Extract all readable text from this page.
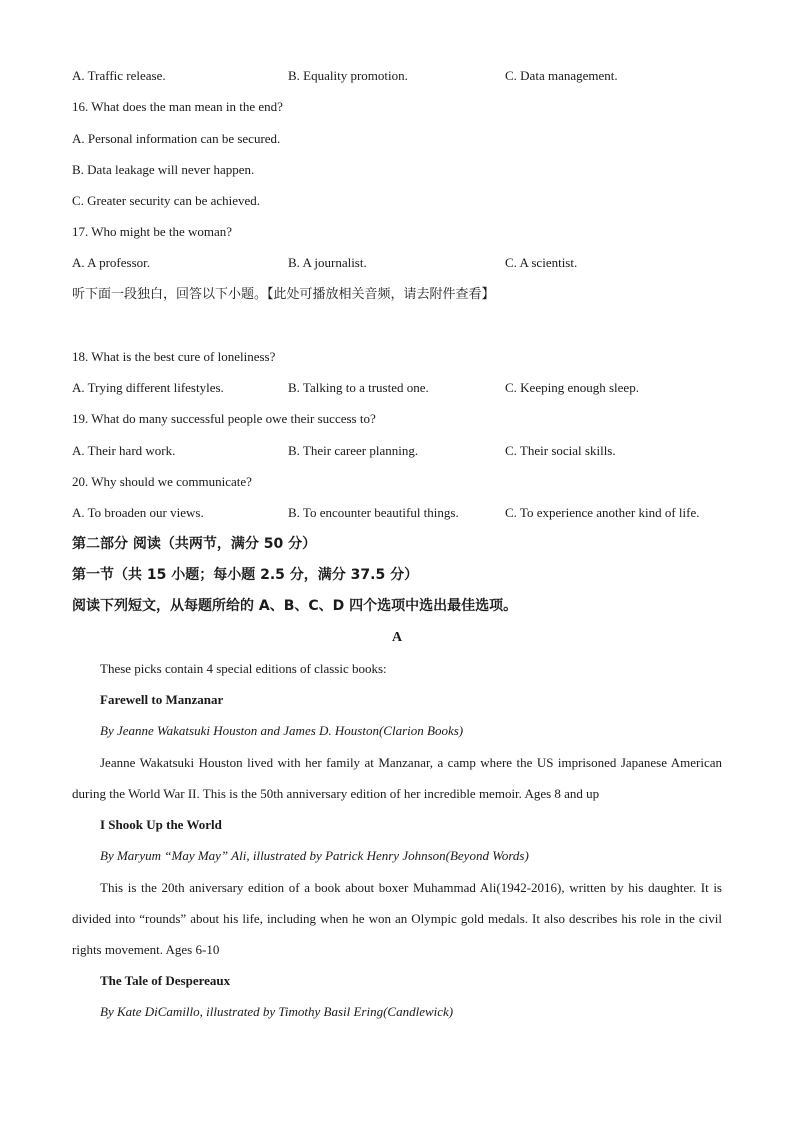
A. Traffic release.	B. Equality promotion.	C. Data management.
16. What does the man mean in the end?
A. Personal information can be secured.
B. Data leakage will never happen.
C. Greater security can be achieved.
17. Who might be the woman?
A. A professor.	B. A journalist.	C. A scientist.
听下面一段独白，回答以下小题。【此处可播放相关音频，请去附件查看】
18. What is the best cure of loneliness?
A. Trying different lifestyles.	B. Talking to a trusted one.	C. Keeping enough sleep.
19. What do many successful people owe their success to?
A. Their hard work.	B. Their career planning.	C. Their social skills.
20. Why should we communicate?
A. To broaden our views.	B. To encounter beautiful things.	C. To experience another kind of life.
第二部分 阅读（共两节，满分 50 分）
第一节（共 15 小题；每小题 2.5 分，满分 37.5 分）
阅读下列短文，从每题所给的 A、B、C、D 四个选项中选出最佳选项。
A
These picks contain 4 special editions of classic books:
Farewell to Manzanar
By Jeanne Wakatsuki Houston and James D. Houston(Clarion Books)
Jeanne Wakatsuki Houston lived with her family at Manzanar, a camp where the US imprisoned Japanese American during the World War II. This is the 50th anniversary edition of her incredible memoir. Ages 8 and up
I Shook Up the World
By Maryum “May May” Ali, illustrated by Patrick Henry Johnson(Beyond Words)
This is the 20th aniversary edition of a book about boxer Muhammad Ali(1942-2016), written by his daughter. It is divided into “rounds” about his life, including when he won an Olympic gold medals. It also describes his role in the civil rights movement. Ages 6-10
The Tale of Despereaux
By Kate DiCamillo, illustrated by Timothy Basil Ering(Candlewick)
